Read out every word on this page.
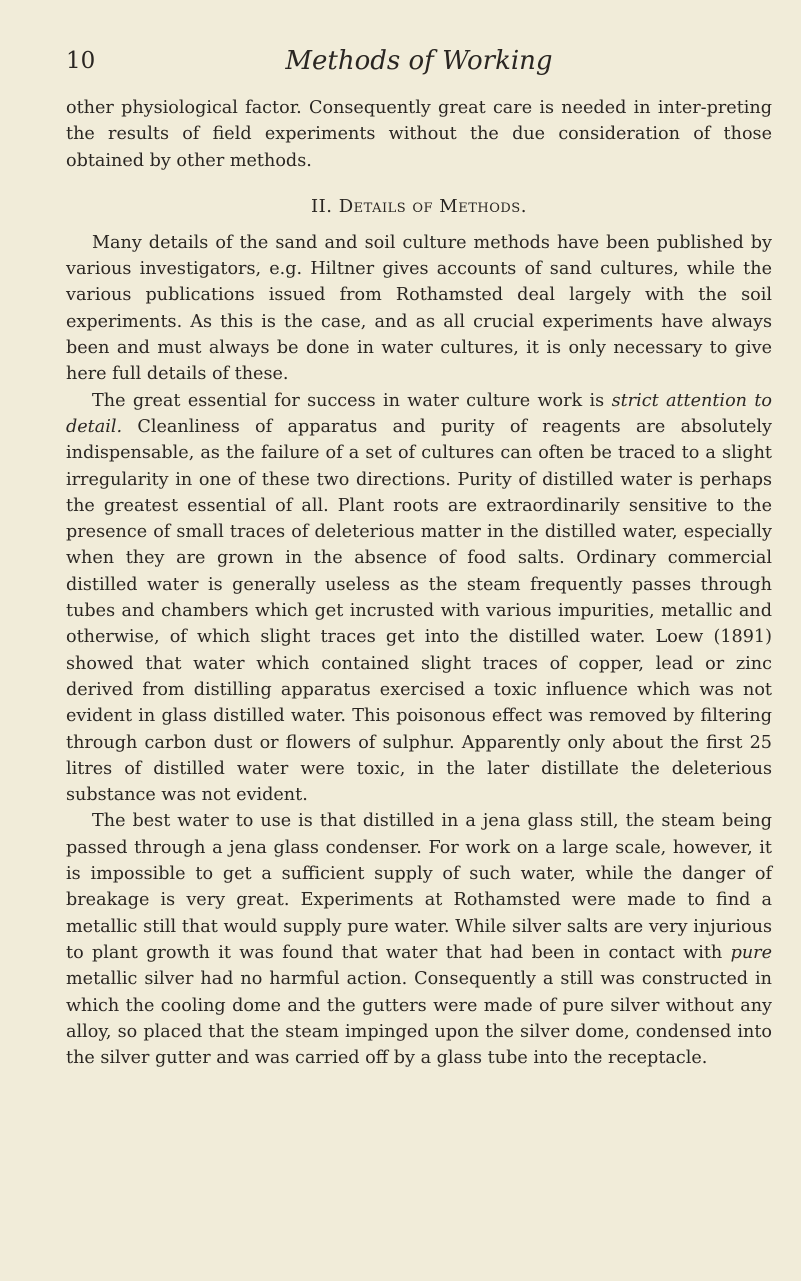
10	Methods of Working

other physiological factor. Consequently great care is needed in inter-preting the results of field experiments without the due consideration of those obtained by other methods.

II. Details of Methods.

Many details of the sand and soil culture methods have been published by various investigators, e.g. Hiltner gives accounts of sand cultures, while the various publications issued from Rothamsted deal largely with the soil experiments. As this is the case, and as all crucial experiments have always been and must always be done in water cultures, it is only necessary to give here full details of these.

The great essential for success in water culture work is strict attention to detail. Cleanliness of apparatus and purity of reagents are absolutely indispensable, as the failure of a set of cultures can often be traced to a slight irregularity in one of these two directions. Purity of distilled water is perhaps the greatest essential of all. Plant roots are extraordinarily sensitive to the presence of small traces of deleterious matter in the distilled water, especially when they are grown in the absence of food salts. Ordinary commercial distilled water is generally useless as the steam frequently passes through tubes and chambers which get incrusted with various impurities, metallic and otherwise, of which slight traces get into the distilled water. Loew (1891) showed that water which contained slight traces of copper, lead or zinc derived from distilling apparatus exercised a toxic influence which was not evident in glass distilled water. This poisonous effect was removed by filtering through carbon dust or flowers of sulphur. Apparently only about the first 25 litres of distilled water were toxic, in the later distillate the deleterious substance was not evident.

The best water to use is that distilled in a jena glass still, the steam being passed through a jena glass condenser. For work on a large scale, however, it is impossible to get a sufficient supply of such water, while the danger of breakage is very great. Experiments at Rothamsted were made to find a metallic still that would supply pure water. While silver salts are very injurious to plant growth it was found that water that had been in contact with pure metallic silver had no harmful action. Consequently a still was constructed in which the cooling dome and the gutters were made of pure silver without any alloy, so placed that the steam impinged upon the silver dome, condensed into the silver gutter and was carried off by a glass tube into the receptacle.
